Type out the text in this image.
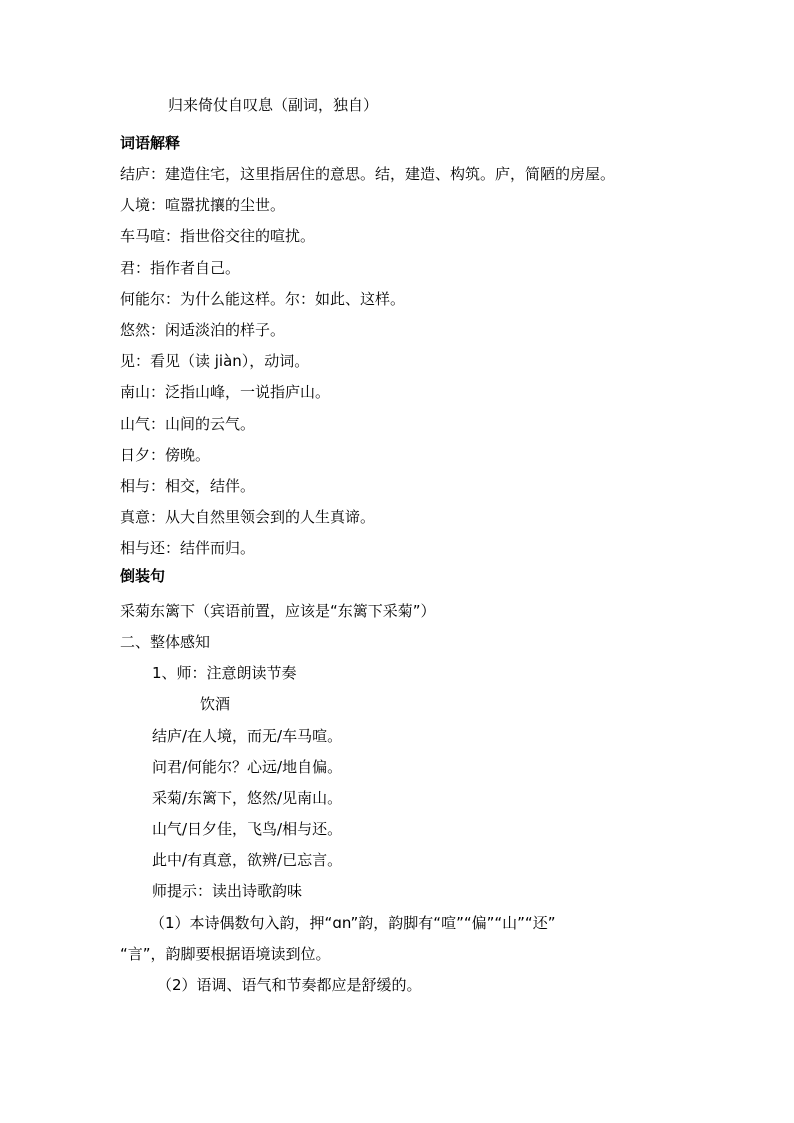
归来倚仗自叹息（副词，独自）
词语解释
结庐：建造住宅，这里指居住的意思。结，建造、构筑。庐，简陋的房屋。
人境：喧嚣扰攘的尘世。
车马喧：指世俗交往的喧扰。
君：指作者自己。
何能尔：为什么能这样。尔：如此、这样。
悠然：闲适淡泊的样子。
见：看见（读 jiàn），动词。
南山：泛指山峰，一说指庐山。
山气：山间的云气。
日夕：傍晚。
相与：相交，结伴。
真意：从大自然里领会到的人生真谛。
相与还：结伴而归。
倒装句
采菊东篱下（宾语前置，应该是“东篱下采菊”）
二、整体感知
1、师：注意朗读节奏
饮酒
结庐/在人境，而无/车马喧。
问君/何能尔？心远/地自偏。
采菊/东篱下，悠然/见南山。
山气/日夕佳，飞鸟/相与还。
此中/有真意，欲辨/已忘言。
师提示：读出诗歌韵味
（1）本诗偶数句入韵，押“ɑn”韵，韵脚有“喧”“偏”“山”“还”
“言”，韵脚要根据语境读到位。
（2）语调、语气和节奏都应是舒缓的。
